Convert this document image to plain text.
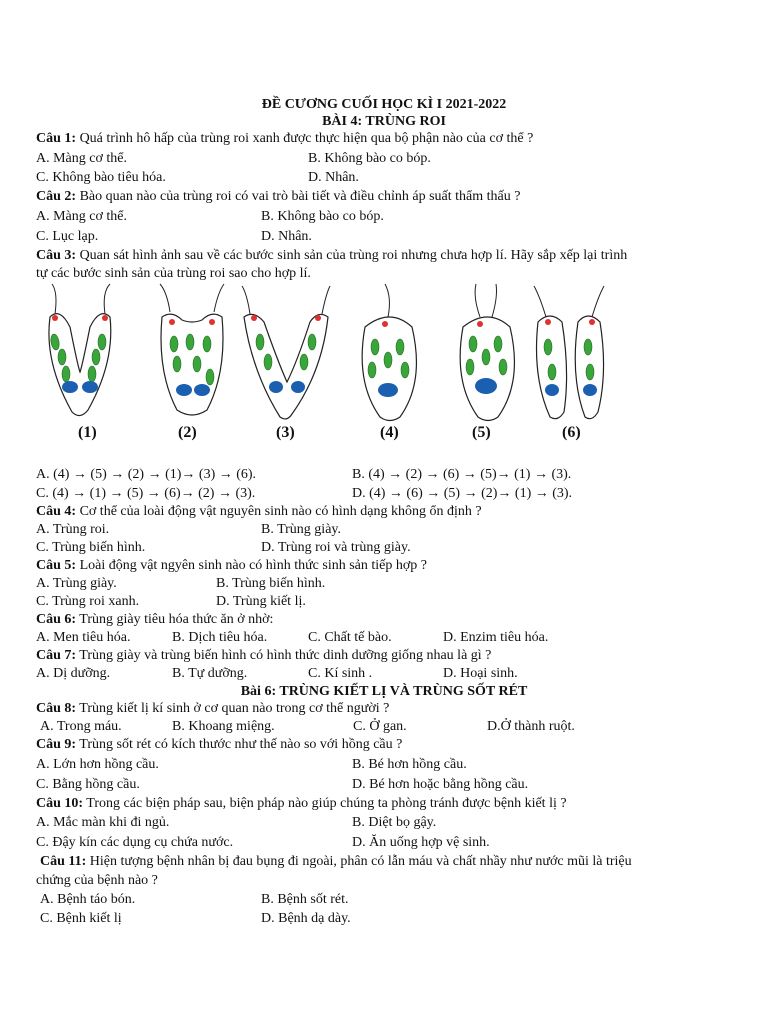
ĐỀ CƯƠNG CUỐI HỌC KÌ I 2021-2022
BÀI 4: TRÙNG ROI
Câu 1: Quá trình hô hấp của trùng roi xanh được thực hiện qua bộ phận nào của cơ thể ?
A. Màng cơ thể.	B. Không bào co bóp.
C. Không bào tiêu hóa.	D. Nhân.
Câu 2: Bào quan nào của trùng roi có vai trò bài tiết và điều chỉnh áp suất thẩm thấu ?
A. Màng cơ thể.	B. Không bào co bóp.
C. Lục lạp.	D. Nhân.
Câu 3: Quan sát hình ảnh sau về các bước sinh sản của trùng roi nhưng chưa hợp lí. Hãy sắp xếp lại trình
tự các bước sinh sản của trùng roi sao cho hợp lí.
(1)	(2)	(3)	(4)	(5)	(6)
A. (4) → (5) → (2) → (1)→ (3) → (6).	B. (4) → (2) → (6) → (5)→ (1) → (3).
C. (4) → (1) → (5) → (6)→ (2) → (3).	D. (4) → (6) → (5) → (2)→ (1) → (3).
Câu 4: Cơ thể của loài động vật nguyên sinh nào có hình dạng không ổn định ?
A. Trùng roi.	B. Trùng giày.
C. Trùng biến hình.	D. Trùng roi và trùng giày.
Câu 5: Loài động vật ngyên sinh nào có hình thức sinh sản tiếp hợp ?
A. Trùng giày.	B. Trùng biến hình.
C. Trùng roi xanh.	D. Trùng kiết lị.
Câu 6: Trùng giày tiêu hóa thức ăn ở nhờ:
A. Men tiêu hóa.	B. Dịch tiêu hóa.	C. Chất tế bào.	D. Enzim tiêu hóa.
Câu 7: Trùng giày và trùng biến hình có hình thức dinh dưỡng giống nhau là gì ?
A. Dị dưỡng.	B. Tự dưỡng.	C. Kí sinh .	D. Hoại sinh.
Bài 6: TRÙNG KIẾT LỊ VÀ TRÙNG SỐT RÉT
Câu 8: Trùng kiết lị kí sinh ở cơ quan nào trong cơ thể người ?
A. Trong máu.	B. Khoang miệng.	C. Ở gan.	D.Ở thành ruột.
Câu 9: Trùng sốt rét có kích thước như thế nào so với hồng cầu ?
A. Lớn hơn hồng cầu.	B. Bé hơn hồng cầu.
C. Bằng hồng cầu.	D. Bé hơn hoặc bằng hồng cầu.
Câu 10: Trong các biện pháp sau, biện pháp nào giúp chúng ta phòng tránh được bệnh kiết lị ?
A. Mắc màn khi đi ngủ.	B. Diệt bọ gậy.
C. Đậy kín các dụng cụ chứa nước.	D. Ăn uống hợp vệ sinh.
Câu 11: Hiện tượng bệnh nhân bị đau bụng đi ngoài, phân có lẫn máu và chất nhầy như nước mũi là triệu
chứng của bệnh nào ?
A. Bệnh táo bón.	B. Bệnh sốt rét.
C. Bệnh kiết lị	D. Bệnh dạ dày.
